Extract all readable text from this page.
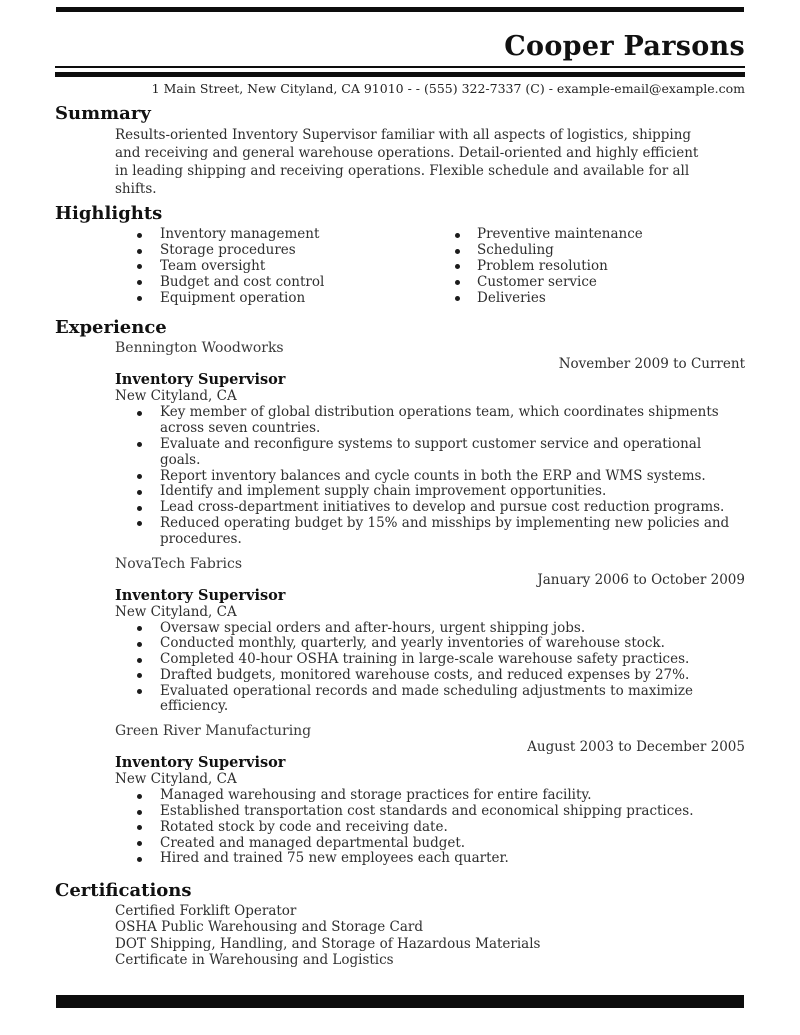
Cooper Parsons
1 Main Street, New Cityland, CA 91010 - - (555) 322-7337 (C) - example-email@example.com
Summary
Results-oriented Inventory Supervisor familiar with all aspects of logistics, shipping and receiving and general warehouse operations. Detail-oriented and highly efficient in leading shipping and receiving operations. Flexible schedule and available for all shifts.
Highlights
Inventory management
Storage procedures
Team oversight
Budget and cost control
Equipment operation
Preventive maintenance
Scheduling
Problem resolution
Customer service
Deliveries
Experience
Bennington Woodworks
November 2009 to Current
Inventory Supervisor
New Cityland, CA
Key member of global distribution operations team, which coordinates shipments across seven countries.
Evaluate and reconfigure systems to support customer service and operational goals.
Report inventory balances and cycle counts in both the ERP and WMS systems.
Identify and implement supply chain improvement opportunities.
Lead cross-department initiatives to develop and pursue cost reduction programs.
Reduced operating budget by 15% and misships by implementing new policies and procedures.
NovaTech Fabrics
January 2006 to October 2009
Inventory Supervisor
New Cityland, CA
Oversaw special orders and after-hours, urgent shipping jobs.
Conducted monthly, quarterly, and yearly inventories of warehouse stock.
Completed 40-hour OSHA training in large-scale warehouse safety practices.
Drafted budgets, monitored warehouse costs, and reduced expenses by 27%.
Evaluated operational records and made scheduling adjustments to maximize efficiency.
Green River Manufacturing
August 2003 to December 2005
Inventory Supervisor
New Cityland, CA
Managed warehousing and storage practices for entire facility.
Established transportation cost standards and economical shipping practices.
Rotated stock by code and receiving date.
Created and managed departmental budget.
Hired and trained 75 new employees each quarter.
Certifications
Certified Forklift Operator
OSHA Public Warehousing and Storage Card
DOT Shipping, Handling, and Storage of Hazardous Materials
Certificate in Warehousing and Logistics
